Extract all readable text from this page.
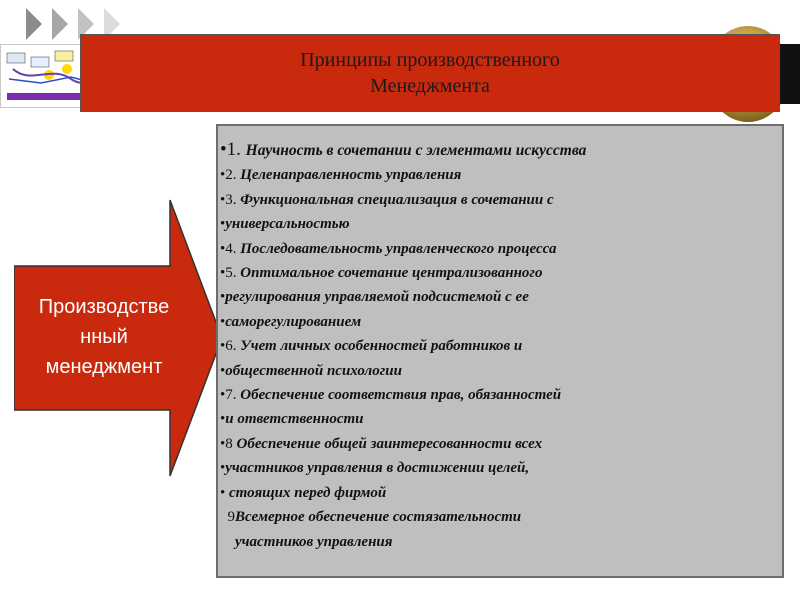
Принципы производственного
Менеджмента
Производстве
нный
менеджмент
•1. Научность в сочетании с элементами искусства
•2. Целенаправленность управления
•3. Функциональная специализация в сочетании с
•универсальностью
•4. Последовательность управленческого процесса
•5. Оптимальное сочетание централизованного
•регулирования управляемой подсистемой с ее
•саморегулированием
•6. Учет личных особенностей работников и
•общественной психологии
•7. Обеспечение соответствия прав, обязанностей
•и ответственности
•8 Обеспечение общей заинтересованности всех
•участников управления в достижении целей,
• стоящих перед фирмой
9Всемерное обеспечение состязательности
участников управления
